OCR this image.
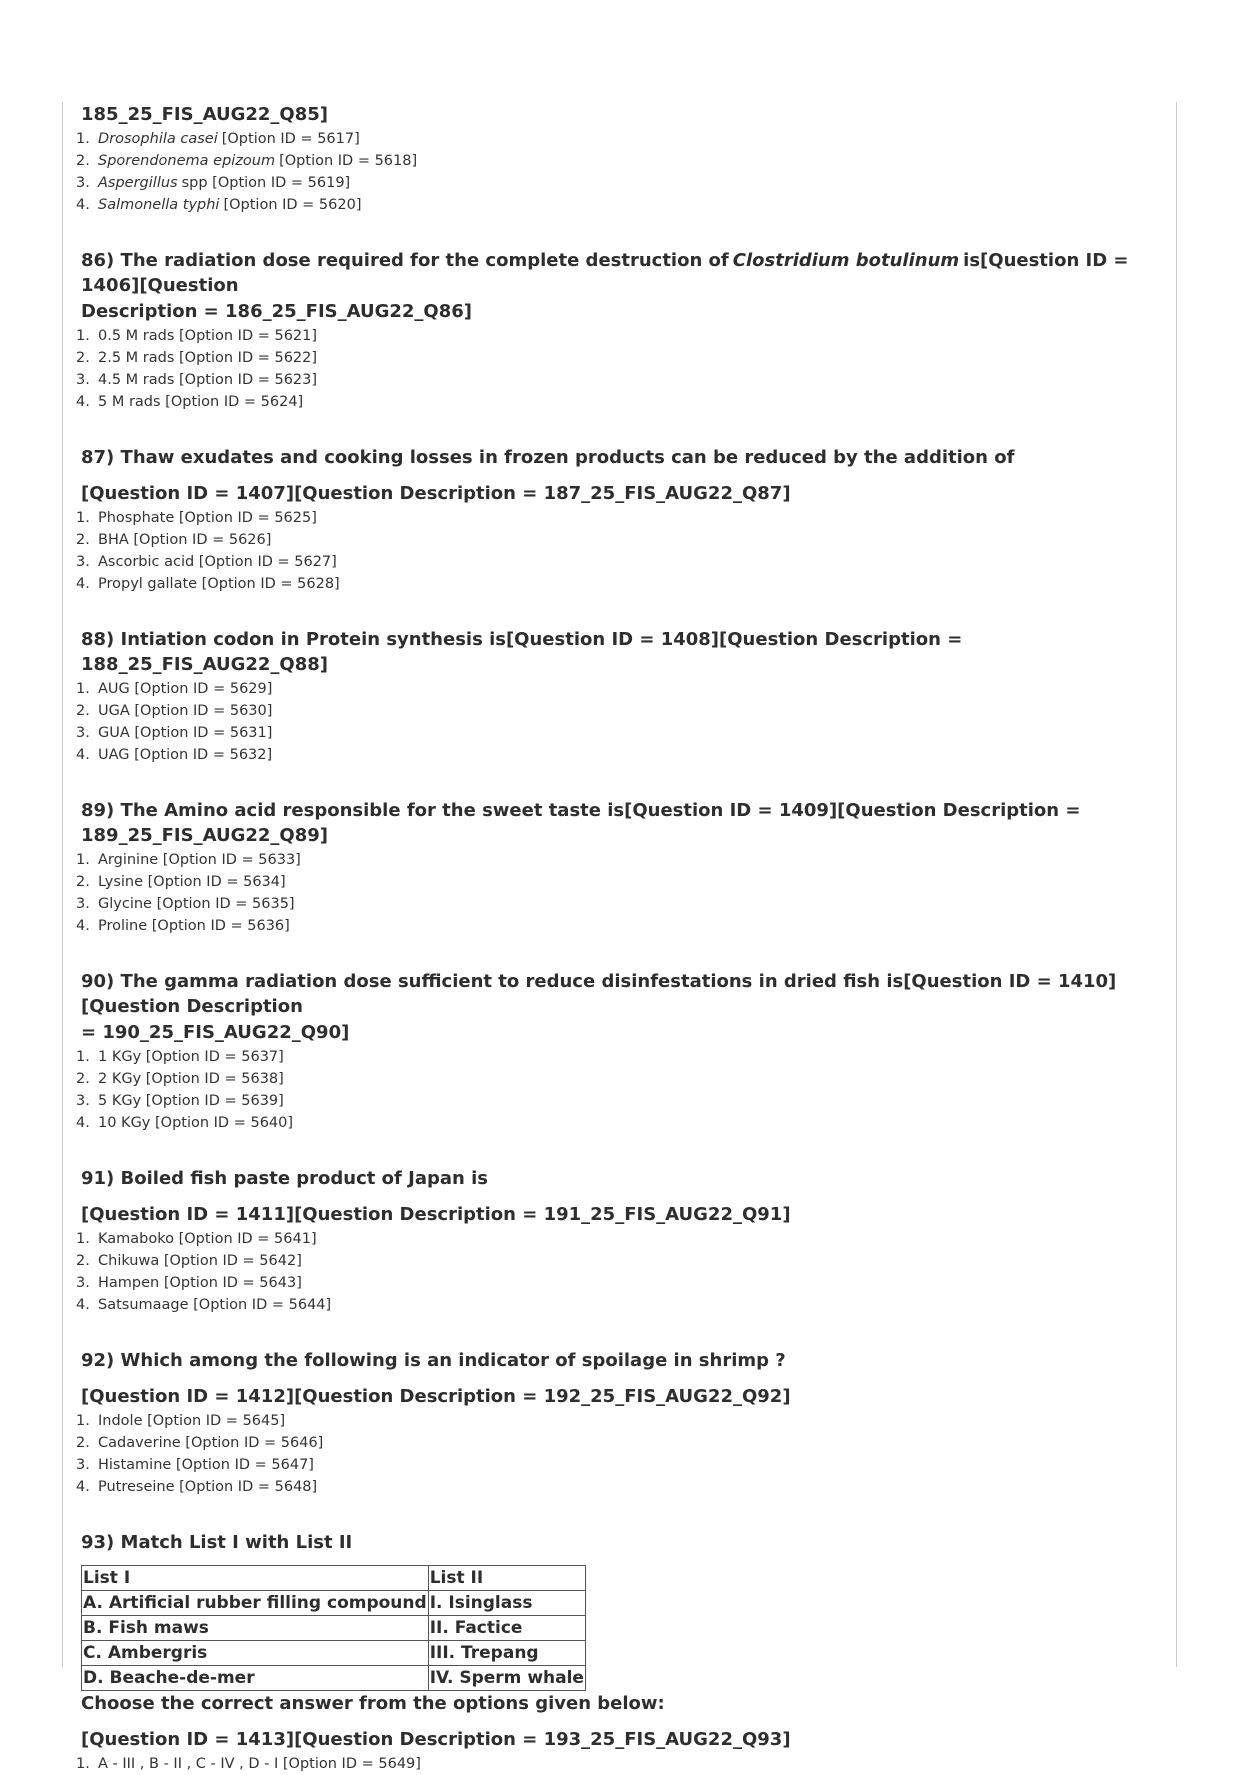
185_25_FIS_AUG22_Q85]
1. Drosophila casei [Option ID = 5617]
2. Sporendonema epizoum [Option ID = 5618]
3. Aspergillus spp [Option ID = 5619]
4. Salmonella typhi [Option ID = 5620]
86) The radiation dose required for the complete destruction of Clostridium botulinum is[Question ID = 1406][Question
Description = 186_25_FIS_AUG22_Q86]
1. 0.5 M rads [Option ID = 5621]
2. 2.5 M rads [Option ID = 5622]
3. 4.5 M rads [Option ID = 5623]
4. 5 M rads [Option ID = 5624]
87) Thaw exudates and cooking losses in frozen products can be reduced by the addition of
[Question ID = 1407][Question Description = 187_25_FIS_AUG22_Q87]
1. Phosphate [Option ID = 5625]
2. BHA [Option ID = 5626]
3. Ascorbic acid [Option ID = 5627]
4. Propyl gallate [Option ID = 5628]
88) Intiation codon in Protein synthesis is[Question ID = 1408][Question Description = 188_25_FIS_AUG22_Q88]
1. AUG [Option ID = 5629]
2. UGA [Option ID = 5630]
3. GUA [Option ID = 5631]
4. UAG [Option ID = 5632]
89) The Amino acid responsible for the sweet taste is[Question ID = 1409][Question Description = 189_25_FIS_AUG22_Q89]
1. Arginine [Option ID = 5633]
2. Lysine [Option ID = 5634]
3. Glycine [Option ID = 5635]
4. Proline [Option ID = 5636]
90) The gamma radiation dose sufficient to reduce disinfestations in dried fish is[Question ID = 1410][Question Description
= 190_25_FIS_AUG22_Q90]
1. 1 KGy [Option ID = 5637]
2. 2 KGy [Option ID = 5638]
3. 5 KGy [Option ID = 5639]
4. 10 KGy [Option ID = 5640]
91) Boiled fish paste product of Japan is
[Question ID = 1411][Question Description = 191_25_FIS_AUG22_Q91]
1. Kamaboko [Option ID = 5641]
2. Chikuwa [Option ID = 5642]
3. Hampen [Option ID = 5643]
4. Satsumaage [Option ID = 5644]
92) Which among the following is an indicator of spoilage in shrimp ?
[Question ID = 1412][Question Description = 192_25_FIS_AUG22_Q92]
1. Indole [Option ID = 5645]
2. Cadaverine [Option ID = 5646]
3. Histamine [Option ID = 5647]
4. Putreseine [Option ID = 5648]
93) Match List I with List II
List I	List II
A. Artificial rubber filling compound	I. Isinglass
B. Fish maws	II. Factice
C. Ambergris	III. Trepang
D. Beache-de-mer	IV. Sperm whale
Choose the correct answer from the options given below:
[Question ID = 1413][Question Description = 193_25_FIS_AUG22_Q93]
1. A - III , B - II , C - IV , D - I [Option ID = 5649]
